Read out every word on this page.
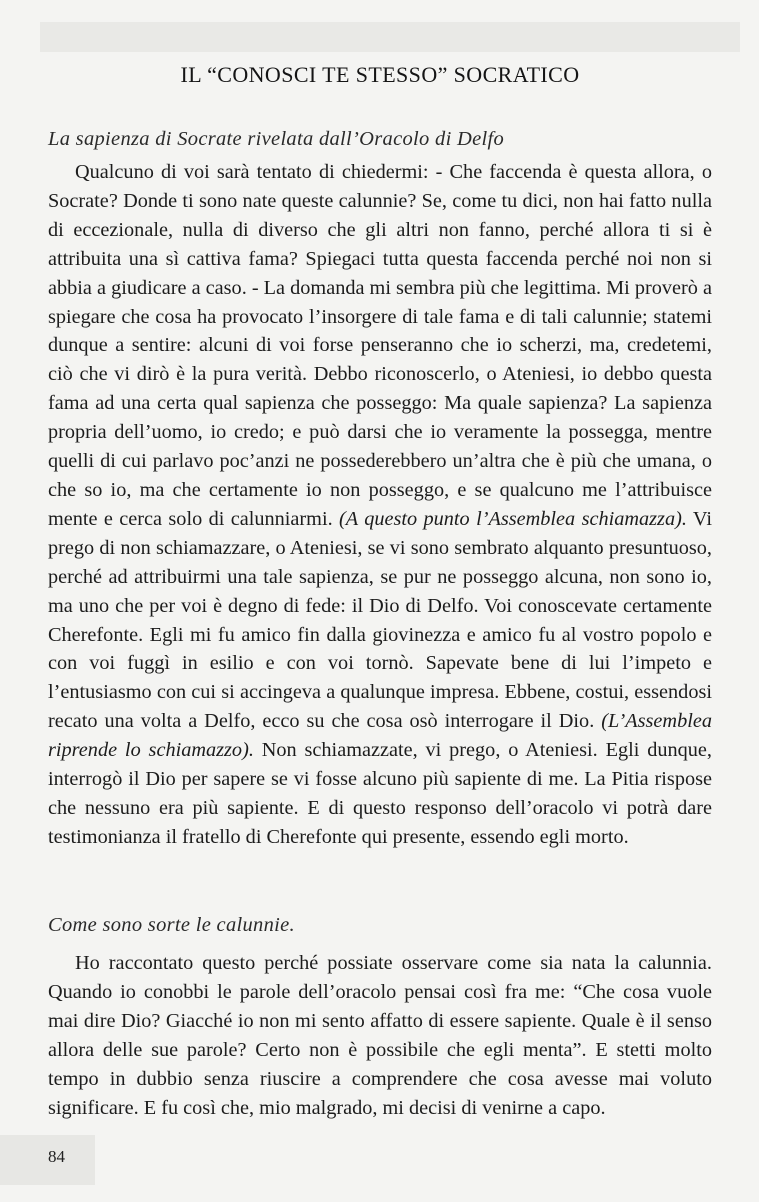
IL “CONOSCI TE STESSO” SOCRATICO
La sapienza di Socrate rivelata dall’Oracolo di Delfo

Qualcuno di voi sarà tentato di chiedermi: - Che faccenda è questa allora, o Socrate? Donde ti sono nate queste calunnie? Se, come tu dici, non hai fatto nulla di eccezionale, nulla di diverso che gli altri non fanno, perché allora ti si è attribuita una sì cattiva fama? Spiegaci tutta questa faccenda perché noi non si abbia a giudicare a caso. - La domanda mi sembra più che legittima. Mi proverò a spiegare che cosa ha provocato l’insorgere di tale fama e di tali calunnie; statemi dunque a sentire: alcuni di voi forse penseranno che io scherzi, ma, credetemi, ciò che vi dirò è la pura verità. Debbo riconoscerlo, o Ateniesi, io debbo questa fama ad una certa qual sapienza che posseggo: Ma quale sapienza? La sapienza propria dell’uomo, io credo; e può darsi che io veramente la possegga, mentre quelli di cui parlavo poc’anzi ne possederebbero un’altra che è più che umana, o che so io, ma che certamente io non posseggo, e se qualcuno me l’attribuisce mente e cerca solo di calunniarmi. (A questo punto l’Assemblea schiamazza). Vi prego di non schiamazzare, o Ateniesi, se vi sono sembrato alquanto presuntuoso, perché ad attribuirmi una tale sapienza, se pur ne posseggo alcuna, non sono io, ma uno che per voi è degno di fede: il Dio di Delfo. Voi conoscevate certamente Cherefonte. Egli mi fu amico fin dalla giovinezza e amico fu al vostro popolo e con voi fuggì in esilio e con voi tornò. Sapevate bene di lui l’impeto e l’entusiasmo con cui si accingeva a qualunque impresa. Ebbene, costui, essendosi recato una volta a Delfo, ecco su che cosa osò interrogare il Dio. (L’Assemblea riprende lo schiamazzo). Non schiamazzate, vi prego, o Ateniesi. Egli dunque, interrogò il Dio per sapere se vi fosse alcuno più sapiente di me. La Pitia rispose che nessuno era più sapiente. E di questo responso dell’oracolo vi potrà dare testimonianza il fratello di Cherefonte qui presente, essendo egli morto.

Come sono sorte le calunnie.

Ho raccontato questo perché possiate osservare come sia nata la calunnia. Quando io conobbi le parole dell’oracolo pensai così fra me: “Che cosa vuole mai dire Dio? Giacché io non mi sento affatto di essere sapiente. Quale è il senso allora delle sue parole? Certo non è possibile che egli menta”. E stetti molto tempo in dubbio senza riuscire a comprendere che cosa avesse mai voluto significare. E fu così che, mio malgrado, mi decisi di venirne a capo.

84
